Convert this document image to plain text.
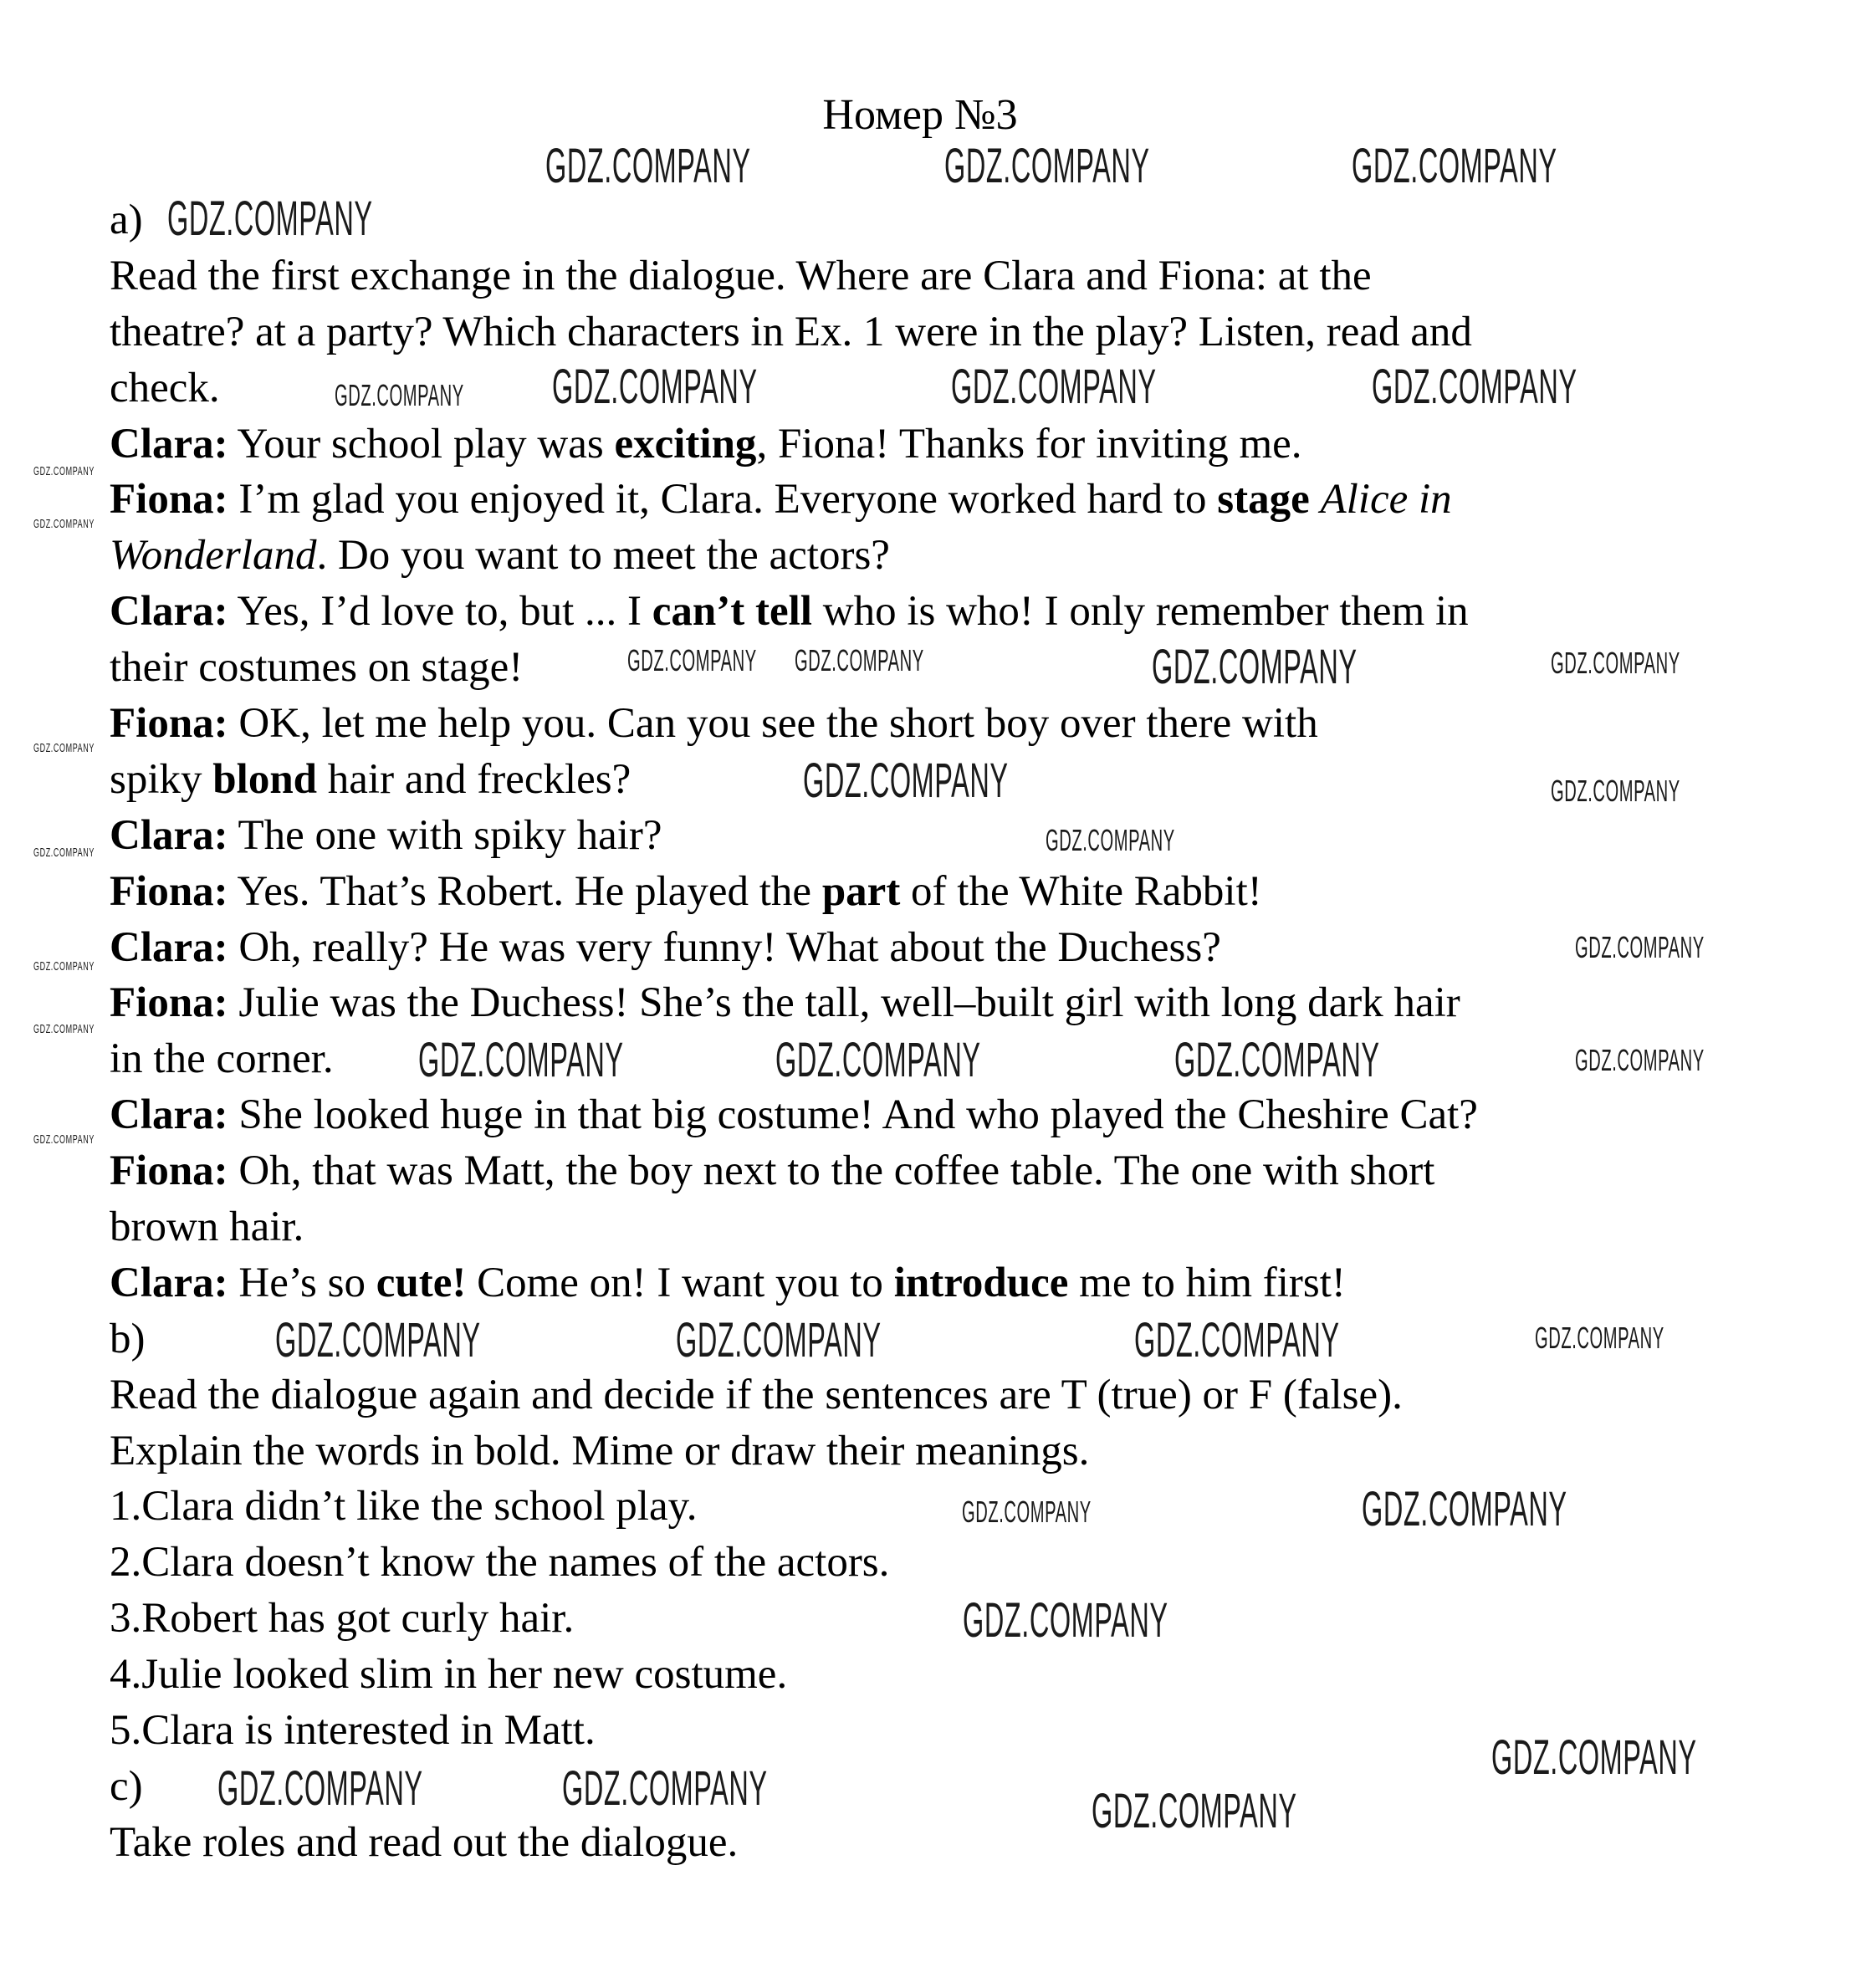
Номер №3
a)
Read the first exchange in the dialogue. Where are Clara and Fiona: at the
theatre? at a party? Which characters in Ex. 1 were in the play? Listen, read and
check.
Clara: Your school play was exciting, Fiona! Thanks for inviting me.
Fiona: I’m glad you enjoyed it, Clara. Everyone worked hard to stage Alice in
Wonderland. Do you want to meet the actors?
Clara: Yes, I’d love to, but ... I can’t tell who is who! I only remember them in
their costumes on stage!
Fiona: OK, let me help you. Can you see the short boy over there with
spiky blond hair and freckles?
Clara: The one with spiky hair?
Fiona: Yes. That’s Robert. He played the part of the White Rabbit!
Clara: Oh, really? He was very funny! What about the Duchess?
Fiona: Julie was the Duchess! She’s the tall, well–built girl with long dark hair
in the corner.
Clara: She looked huge in that big costume! And who played the Cheshire Cat?
Fiona: Oh, that was Matt, the boy next to the coffee table. The one with short
brown hair.
Clara: He’s so cute! Come on! I want you to introduce me to him first!
b)
Read the dialogue again and decide if the sentences are T (true) or F (false).
Explain the words in bold. Mime or draw their meanings.
1.Clara didn’t like the school play.
2.Clara doesn’t know the names of the actors.
3.Robert has got curly hair.
4.Julie looked slim in her new costume.
5.Clara is interested in Matt.
c)
Take roles and read out the dialogue.
GDZ.COMPANY	GDZ.COMPANY	GDZ.COMPANY
GDZ.COMPANY
GDZ.COMPANY	GDZ.COMPANY	GDZ.COMPANY
GDZ.COMPANY
GDZ.COMPANY
GDZ.COMPANY
GDZ.COMPANY GDZ.COMPANY	GDZ.COMPANY	GDZ.COMPANY
GDZ.COMPANY
GDZ.COMPANY	GDZ.COMPANY
GDZ.COMPANY
GDZ.COMPANY
GDZ.COMPANY
GDZ.COMPANY
GDZ.COMPANY
GDZ.COMPANY
GDZ.COMPANY	GDZ.COMPANY	GDZ.COMPANY	GDZ.COMPANY
GDZ.COMPANY	GDZ.COMPANY	GDZ.COMPANY	GDZ.COMPANY
GDZ.COMPANY
GDZ.COMPANY
GDZ.COMPANY
GDZ.COMPANY	GDZ.COMPANY
GDZ.COMPANY
GDZ.COMPANY
